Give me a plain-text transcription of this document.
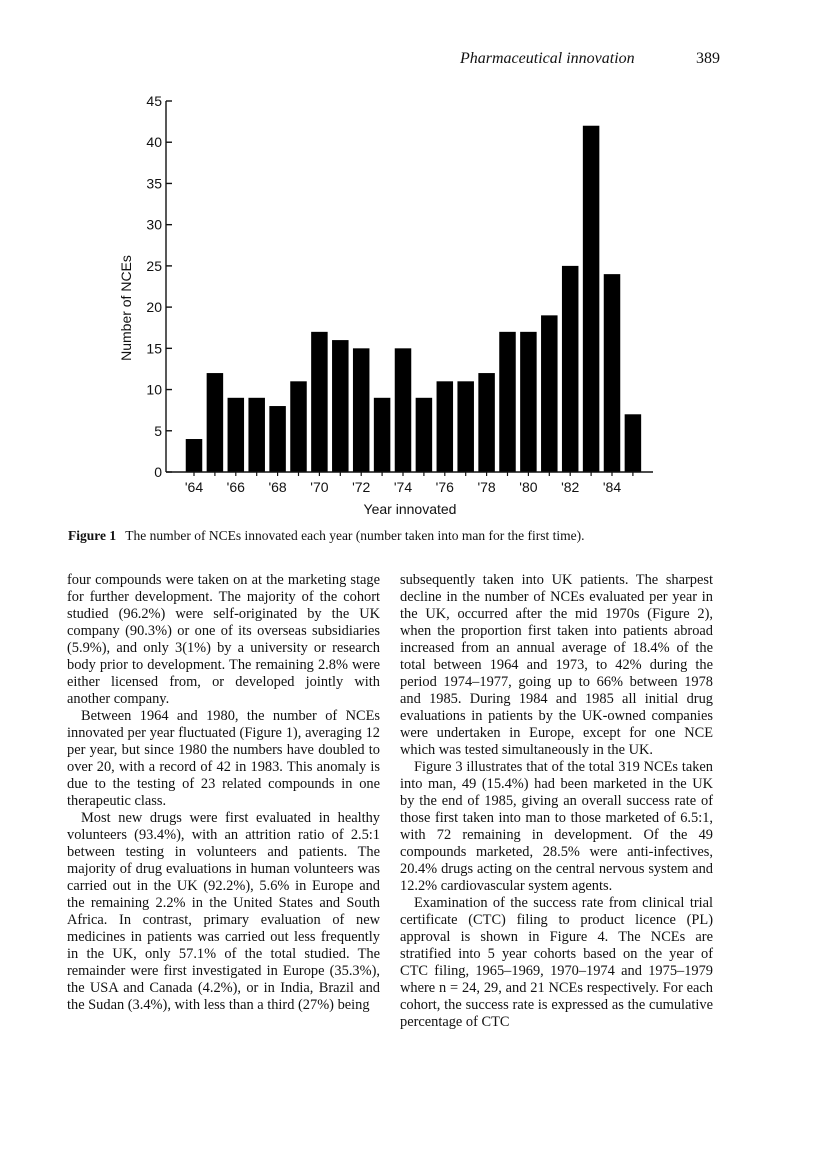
Pharmaceutical innovation	389
0
5
10
15
20
25
30
35
40
45
'64 '66 '68 '70 '72 '74 '76 '78 '80 '82 '84
Number of NCEs
Year innovated
Figure 1 The number of NCEs innovated each year (number taken into man for the first time).

four compounds were taken on at the marketing stage for further development. The majority of the cohort studied (96.2%) were self-originated by the UK company (90.3%) or one of its overseas subsidiaries (5.9%), and only 3(1%) by a university or research body prior to development. The remaining 2.8% were either licensed from, or developed jointly with another company.

Between 1964 and 1980, the number of NCEs innovated per year fluctuated (Figure 1), averaging 12 per year, but since 1980 the numbers have doubled to over 20, with a record of 42 in 1983. This anomaly is due to the testing of 23 related compounds in one therapeutic class.

Most new drugs were first evaluated in healthy volunteers (93.4%), with an attrition ratio of 2.5:1 between testing in volunteers and patients. The majority of drug evaluations in human volunteers was carried out in the UK (92.2%), 5.6% in Europe and the remaining 2.2% in the United States and South Africa. In contrast, primary evaluation of new medicines in patients was carried out less frequently in the UK, only 57.1% of the total studied. The remainder were first investigated in Europe (35.3%), the USA and Canada (4.2%), or in India, Brazil and the Sudan (3.4%), with less than a third (27%) being

subsequently taken into UK patients. The sharpest decline in the number of NCEs evaluated per year in the UK, occurred after the mid 1970s (Figure 2), when the proportion first taken into patients abroad increased from an annual average of 18.4% of the total between 1964 and 1973, to 42% during the period 1974–1977, going up to 66% between 1978 and 1985. During 1984 and 1985 all initial drug evaluations in patients by the UK-owned companies were undertaken in Europe, except for one NCE which was tested simultaneously in the UK.

Figure 3 illustrates that of the total 319 NCEs taken into man, 49 (15.4%) had been marketed in the UK by the end of 1985, giving an overall success rate of those first taken into man to those marketed of 6.5:1, with 72 remaining in development. Of the 49 compounds marketed, 28.5% were anti-infectives, 20.4% drugs acting on the central nervous system and 12.2% cardiovascular system agents.

Examination of the success rate from clinical trial certificate (CTC) filing to product licence (PL) approval is shown in Figure 4. The NCEs are stratified into 5 year cohorts based on the year of CTC filing, 1965–1969, 1970–1974 and 1975–1979 where n = 24, 29, and 21 NCEs respectively. For each cohort, the success rate is expressed as the cumulative percentage of CTC
